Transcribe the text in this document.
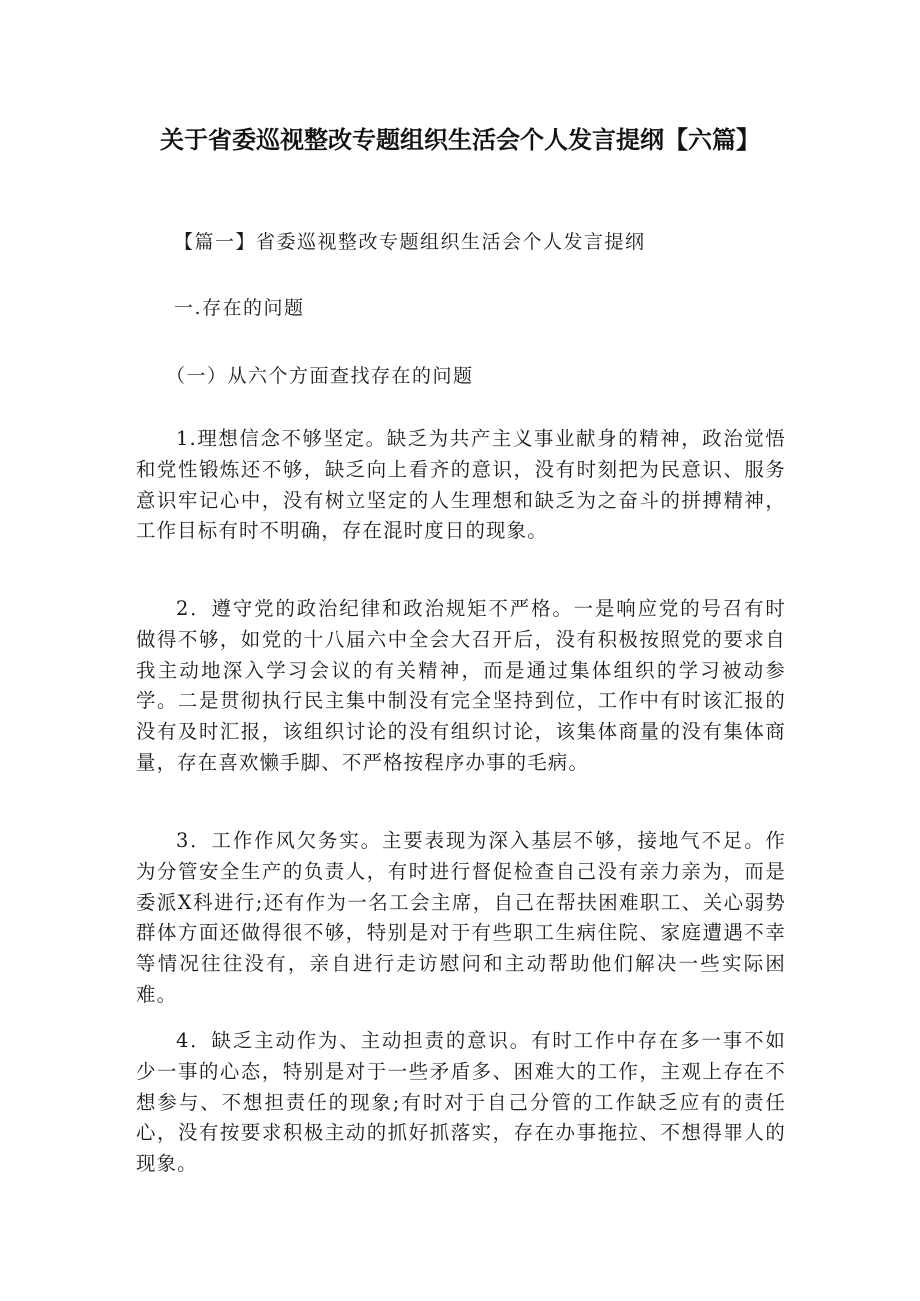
关于省委巡视整改专题组织生活会个人发言提纲【六篇】
【篇一】省委巡视整改专题组织生活会个人发言提纲
一.存在的问题
（一）从六个方面查找存在的问题
1.理想信念不够坚定。缺乏为共产主义事业献身的精神，政治觉悟和党性锻炼还不够，缺乏向上看齐的意识，没有时刻把为民意识、服务意识牢记心中，没有树立坚定的人生理想和缺乏为之奋斗的拼搏精神，工作目标有时不明确，存在混时度日的现象。
2．遵守党的政治纪律和政治规矩不严格。一是响应党的号召有时做得不够，如党的十八届六中全会大召开后，没有积极按照党的要求自我主动地深入学习会议的有关精神，而是通过集体组织的学习被动参学。二是贯彻执行民主集中制没有完全坚持到位，工作中有时该汇报的没有及时汇报，该组织讨论的没有组织讨论，该集体商量的没有集体商量，存在喜欢懒手脚、不严格按程序办事的毛病。
3．工作作风欠务实。主要表现为深入基层不够，接地气不足。作为分管安全生产的负责人，有时进行督促检查自己没有亲力亲为，而是委派X科进行;还有作为一名工会主席，自己在帮扶困难职工、关心弱势群体方面还做得很不够，特别是对于有些职工生病住院、家庭遭遇不幸等情况往往没有，亲自进行走访慰问和主动帮助他们解决一些实际困难。
4．缺乏主动作为、主动担责的意识。有时工作中存在多一事不如少一事的心态，特别是对于一些矛盾多、困难大的工作，主观上存在不想参与、不想担责任的现象;有时对于自己分管的工作缺乏应有的责任心，没有按要求积极主动的抓好抓落实，存在办事拖拉、不想得罪人的现象。
